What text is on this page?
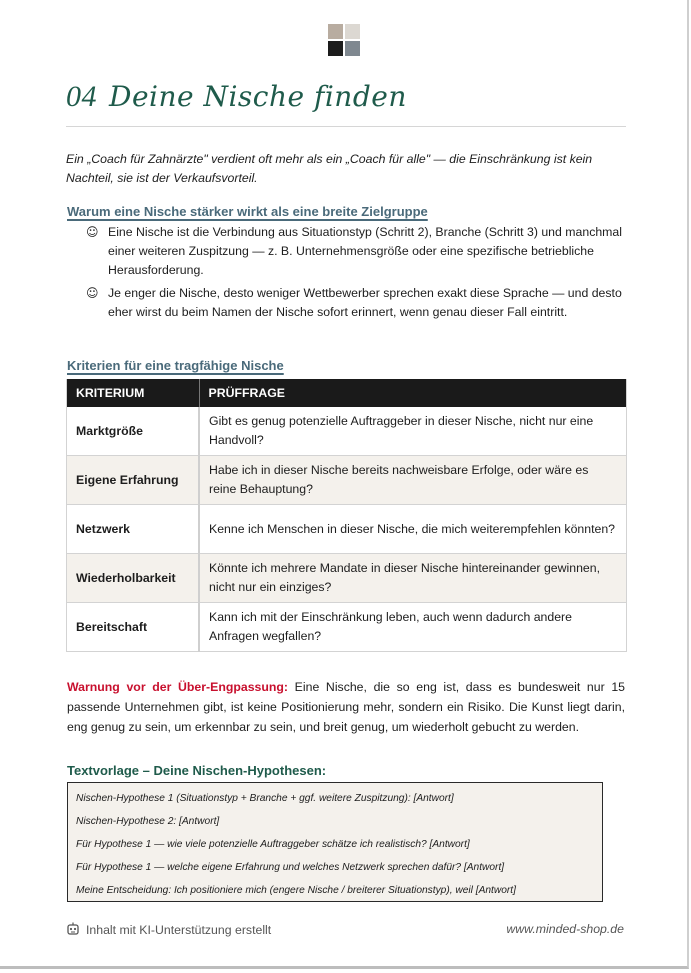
04 Deine Nische finden
Ein „Coach für Zahnärzte" verdient oft mehr als ein „Coach für alle" — die Einschränkung ist kein Nachteil, sie ist der Verkaufsvorteil.
Warum eine Nische stärker wirkt als eine breite Zielgruppe
☺ Eine Nische ist die Verbindung aus Situationstyp (Schritt 2), Branche (Schritt 3) und manchmal einer weiteren Zuspitzung — z. B. Unternehmensgröße oder eine spezifische betriebliche Herausforderung.
☺ Je enger die Nische, desto weniger Wettbewerber sprechen exakt diese Sprache — und desto eher wirst du beim Namen der Nische sofort erinnert, wenn genau dieser Fall eintritt.
Kriterien für eine tragfähige Nische
KRITERIUM	PRÜFFRAGE
Marktgröße	Gibt es genug potenzielle Auftraggeber in dieser Nische, nicht nur eine Handvoll?
Eigene Erfahrung	Habe ich in dieser Nische bereits nachweisbare Erfolge, oder wäre es reine Behauptung?
Netzwerk	Kenne ich Menschen in dieser Nische, die mich weiterempfehlen könnten?
Wiederholbarkeit	Könnte ich mehrere Mandate in dieser Nische hintereinander gewinnen, nicht nur ein einziges?
Bereitschaft	Kann ich mit der Einschränkung leben, auch wenn dadurch andere Anfragen wegfallen?
Warnung vor der Über-Engpassung: Eine Nische, die so eng ist, dass es bundesweit nur 15 passende Unternehmen gibt, ist keine Positionierung mehr, sondern ein Risiko. Die Kunst liegt darin, eng genug zu sein, um erkennbar zu sein, und breit genug, um wiederholt gebucht zu werden.
Textvorlage – Deine Nischen-Hypothesen:
Nischen-Hypothese 1 (Situationstyp + Branche + ggf. weitere Zuspitzung): [Antwort]
Nischen-Hypothese 2: [Antwort]
Für Hypothese 1 — wie viele potenzielle Auftraggeber schätze ich realistisch? [Antwort]
Für Hypothese 1 — welche eigene Erfahrung und welches Netzwerk sprechen dafür? [Antwort]
Meine Entscheidung: Ich positioniere mich (engere Nische / breiterer Situationstyp), weil [Antwort]
Inhalt mit KI-Unterstützung erstellt	www.minded-shop.de
